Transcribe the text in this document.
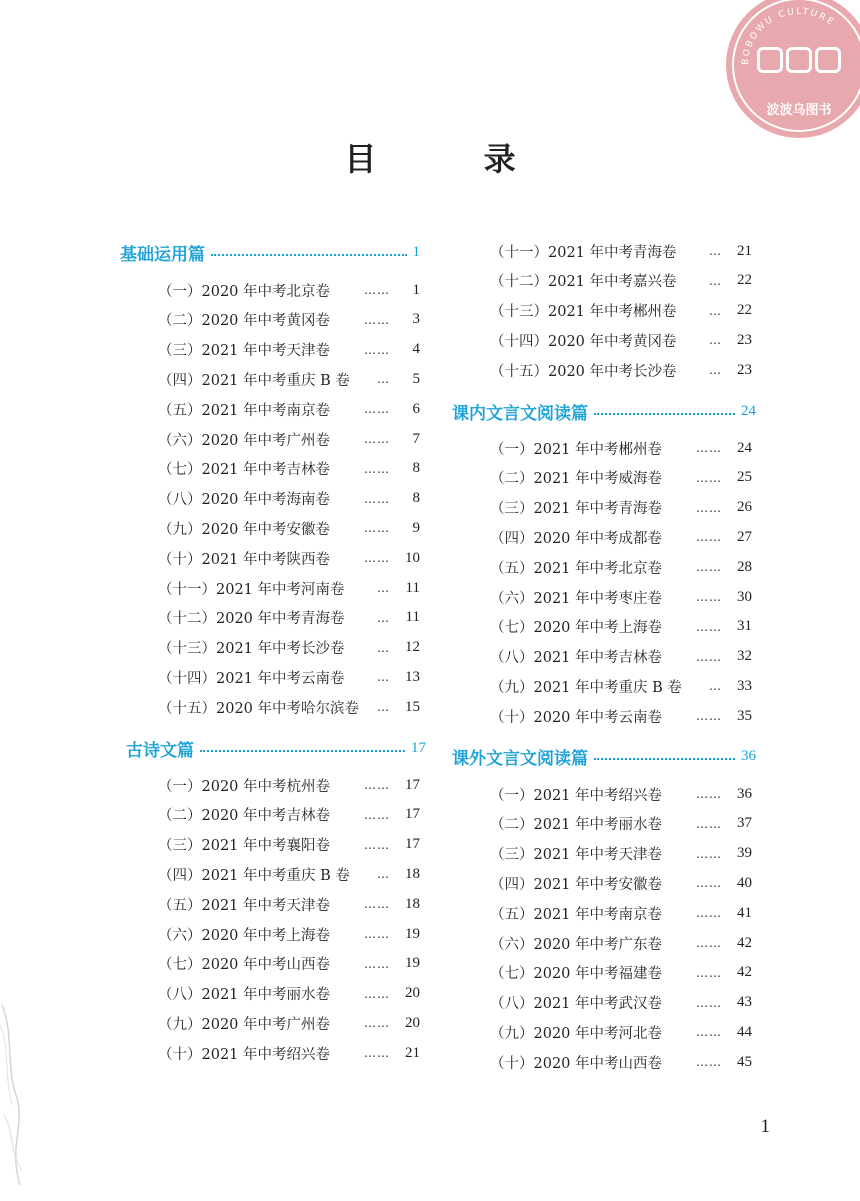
BOBOWU CULTURE
波波乌图书
目 录
基础运用篇	1
（一）2020 年中考北京卷	……	1
（二）2020 年中考黄冈卷	……	3
（三）2021 年中考天津卷	……	4
（四）2021 年中考重庆 B 卷 …	5
（五）2021 年中考南京卷	……	6
（六）2020 年中考广州卷	……	7
（七）2021 年中考吉林卷	……	8
（八）2020 年中考海南卷	……	8
（九）2020 年中考安徽卷	……	9
（十）2021 年中考陕西卷	……	10
（十一）2021 年中考河南卷	…	11
（十二）2020 年中考青海卷	…	11
（十三）2021 年中考长沙卷	…	12
（十四）2021 年中考云南卷	…	13
（十五）2020 年中考哈尔滨卷 …	15
古诗文篇	17
（一）2020 年中考杭州卷	……	17
（二）2020 年中考吉林卷	……	17
（三）2021 年中考襄阳卷	……	17
（四）2021 年中考重庆 B 卷 …	18
（五）2021 年中考天津卷	……	18
（六）2020 年中考上海卷	……	19
（七）2020 年中考山西卷	……	19
（八）2021 年中考丽水卷	……	20
（九）2020 年中考广州卷	……	20
（十）2021 年中考绍兴卷	……	21
（十一）2021 年中考青海卷	…	21
（十二）2021 年中考嘉兴卷	…	22
（十三）2021 年中考郴州卷	…	22
（十四）2020 年中考黄冈卷	…	23
（十五）2020 年中考长沙卷	…	23
课内文言文阅读篇	24
（一）2021 年中考郴州卷	……	24
（二）2021 年中考威海卷	……	25
（三）2021 年中考青海卷	……	26
（四）2020 年中考成都卷	……	27
（五）2021 年中考北京卷	……	28
（六）2021 年中考枣庄卷	……	30
（七）2020 年中考上海卷	……	31
（八）2021 年中考吉林卷	……	32
（九）2021 年中考重庆 B 卷 …	33
（十）2020 年中考云南卷	……	35
课外文言文阅读篇	36
（一）2021 年中考绍兴卷	……	36
（二）2021 年中考丽水卷	……	37
（三）2021 年中考天津卷	……	39
（四）2021 年中考安徽卷	……	40
（五）2021 年中考南京卷	……	41
（六）2020 年中考广东卷	……	42
（七）2020 年中考福建卷	……	42
（八）2021 年中考武汉卷	……	43
（九）2020 年中考河北卷	……	44
（十）2020 年中考山西卷	……	45
1
